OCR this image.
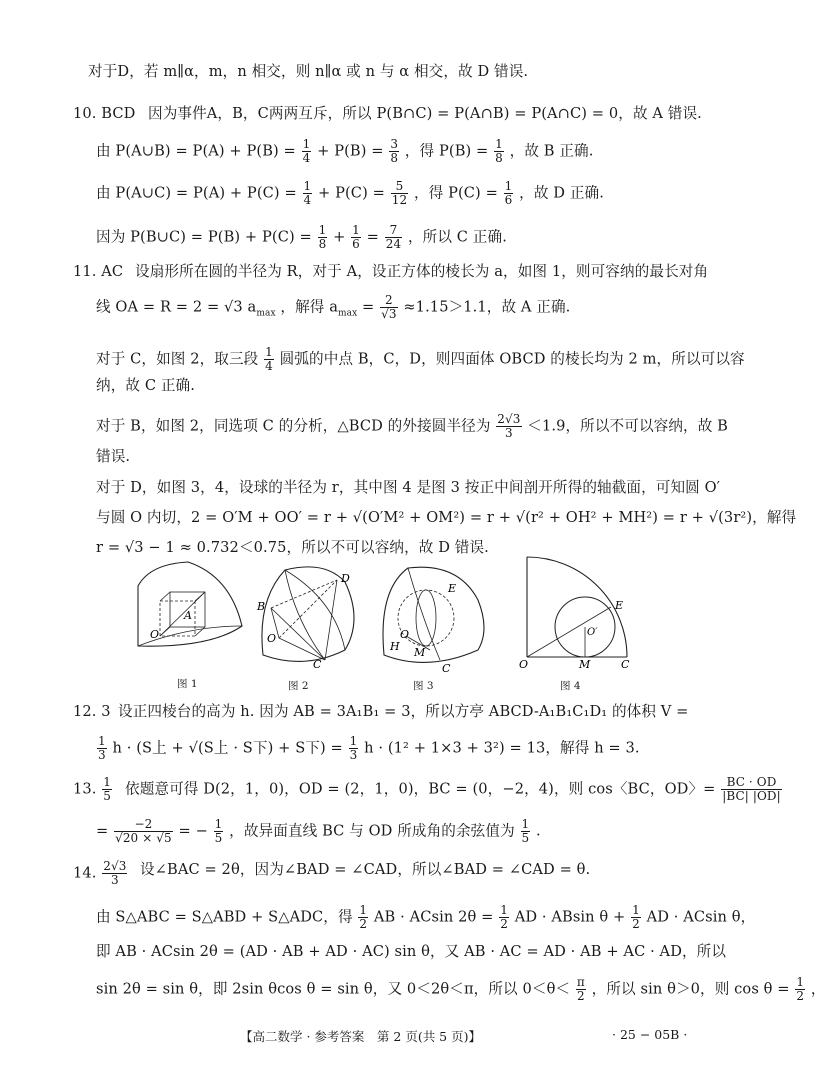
对于D，若 m∥α，m，n 相交，则 n∥α 或 n 与 α 相交，故 D 错误.
10. BCD 因为事件A，B，C两两互斥，所以 P(B∩C) = P(A∩B) = P(A∩C) = 0，故 A 错误.
由 P(A∪B) = $P(A) + P(B) = \frac{1}{4} + P(B) = \frac{3}{8}$ ，得 $P(B) = \frac{1}{8}$ ，故 B 正确.
由 P(A∪C) = $P(A) + P(C) = \frac{1}{4} + P(C) = \frac{5}{12}$ ，得 $P(C) = \frac{1}{6}$ ，故 D 正确.
因为 P(B∪C) = $P(B) + P(C) = \frac{1}{8} + \frac{1}{6} = \frac{7}{24}$ ，所以 C 正确.
11. AC 设扇形所在圆的半径为 R，对于 A，设正方体的棱长为 a，如图 1，则可容纳的最长对角
线 OA = R = 2 = √3 $a_{max}$ ，解得 $a_{max} = \frac{2}{√3} \approx 1.15>1.1$，故 A 正确.
对于 C，如图 2，取三段 $\frac{1}{4}$ 圆弧的中点 B，C，D，则四面体 OBCD 的棱长均为 2 m，所以可以容
纳，故 C 正确.
对于 B，如图 2，同选项 C 的分析，△BCD 的外接圆半径为 $\frac{2√3}{3} <1.9$，所以不可以容纳，故 B
错误.
对于 D，如图 3，4，设球的半径为 r，其中图 4 是图 3 按正中间剖开所得的轴截面，可知圆 O′
与圆 O 内切，2 = O′M + OO′ = r + √(O′M² + OM²) = r + √(r² + OH² + MH²) = r + √(3r²)，解得
r = √3 − 1 ≈ 0.732＜0.75，所以不可以容纳，故 D 错误.
A
O
图 1
D
B
O
C
图 2
E
O
H M
C
图 3
E
O′
O	M	C
图 4
12. 3 设正四棱台的高为 h. 因为 AB = 3A₁B₁ = 3，所以方亭 ABCD-A₁B₁C₁D₁ 的体积 V =
$\frac{1}{3}$ h · (S上 + √(S上 · S下) + S下) = $\frac{1}{3}$ h · (1² + 1×3 + 3²) = 13，解得 h = 3.
13. $\frac{1}{5}$ 依题意可得 D(2，1，0)，OD = (2，1，0)，BC = (0，−2，4)，则 cos〈BC，OD〉= $\frac{BC \cdot OD}{|BC| |OD|}$
= $\frac{-2}{√20 \times √5}$ = − $\frac{1}{5}$ ，故异面直线 BC 与 OD 所成角的余弦值为 $\frac{1}{5}$ .
14. $\frac{2√3}{3}$ 设∠BAC = 2θ，因为∠BAD = ∠CAD，所以∠BAD = ∠CAD = θ.
由 S△ABC = S△ABD + S△ADC，得 $\frac{1}{2}$ AB · ACsin $2\theta = \frac{1}{2}$ AD · ABsin $\theta + \frac{1}{2}$ AD · ACsin θ，
即 AB · ACsin 2θ = (AD · AB + AD · AC) sin θ，又 AB · AC = AD · AB + AC · AD，所以
sin 2θ = sin θ，即 2sin θcos θ = sin θ，又 0＜2θ＜π，所以 $0<\theta< \frac{\pi}{2}$ ，所以 sin θ＞0，则 $\cos \theta = \frac{1}{2}$ ，
【高二数学 · 参考答案　第 2 页(共 5 页)】	· 25 − 05B ·
